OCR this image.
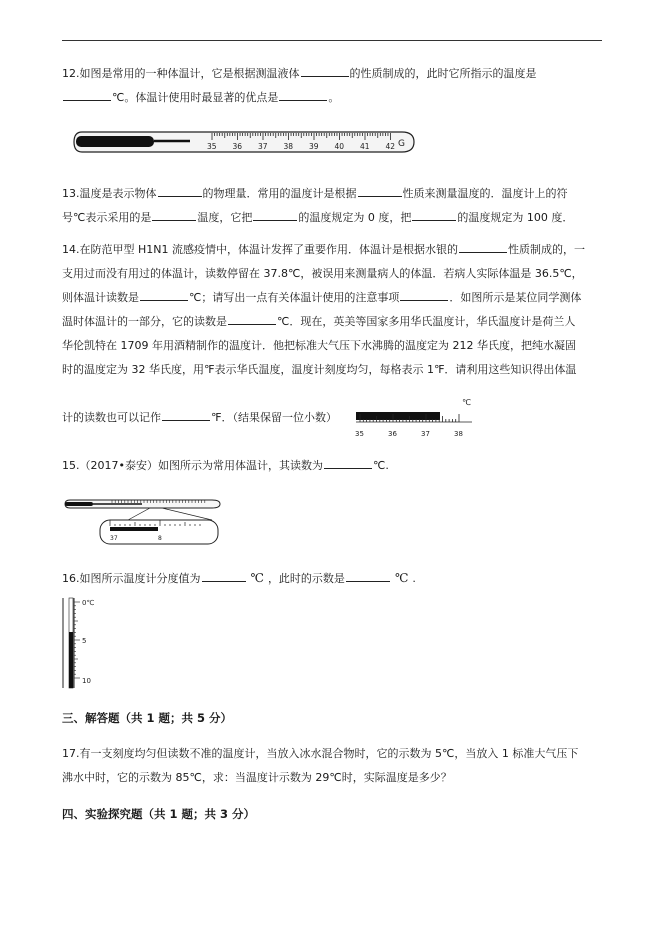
12.如图是常用的一种体温计，它是根据测温液体	的性质制成的，此时它所指示的温度是
℃。体温计使用时最显著的优点是	。
35 36 37 38 39 40 41 42 G
13.温度是表示物体	的物理量．常用的温度计是根据	性质来测量温度的．温度计上的符
号℃表示采用的是	温度，它把	的温度规定为 0 度，把	的温度规定为 100 度．
14.在防范甲型 H1N1 流感疫情中，体温计发挥了重要作用．体温计是根据水银的	性质制成的，一
支用过而没有用过的体温计，读数停留在 37.8℃，被误用来测量病人的体温．若病人实际体温是 36.5℃，
则体温计读数是	℃；请写出一点有关体温计使用的注意事项	．如图所示是某位同学测体
温时体温计的一部分，它的读数是	℃．现在，英美等国家多用华氏温度计，华氏温度计是荷兰人
华伦凯特在 1709 年用酒精制作的温度计．他把标准大气压下水沸腾的温度定为 212 华氏度，把纯水凝固
时的温度定为 32 华氏度，用℉表示华氏温度，温度计刻度均匀，每格表示 1℉．请利用这些知识得出体温
计的读数也可以记作	℉．（结果保留一位小数）
℃
35	36	37	38
15.（2017•泰安）如图所示为常用体温计，其读数为	℃.
37	8
16.如图所示温度计分度值为	℃ ，此时的示数是	℃ .
0℃
5
10
三、解答题（共 1 题；共 5 分）
17.有一支刻度均匀但读数不准的温度计，当放入冰水混合物时，它的示数为 5℃，当放入 1 标准大气压下
沸水中时，它的示数为 85℃，求：当温度计示数为 29℃时，实际温度是多少？
四、实验探究题（共 1 题；共 3 分）
